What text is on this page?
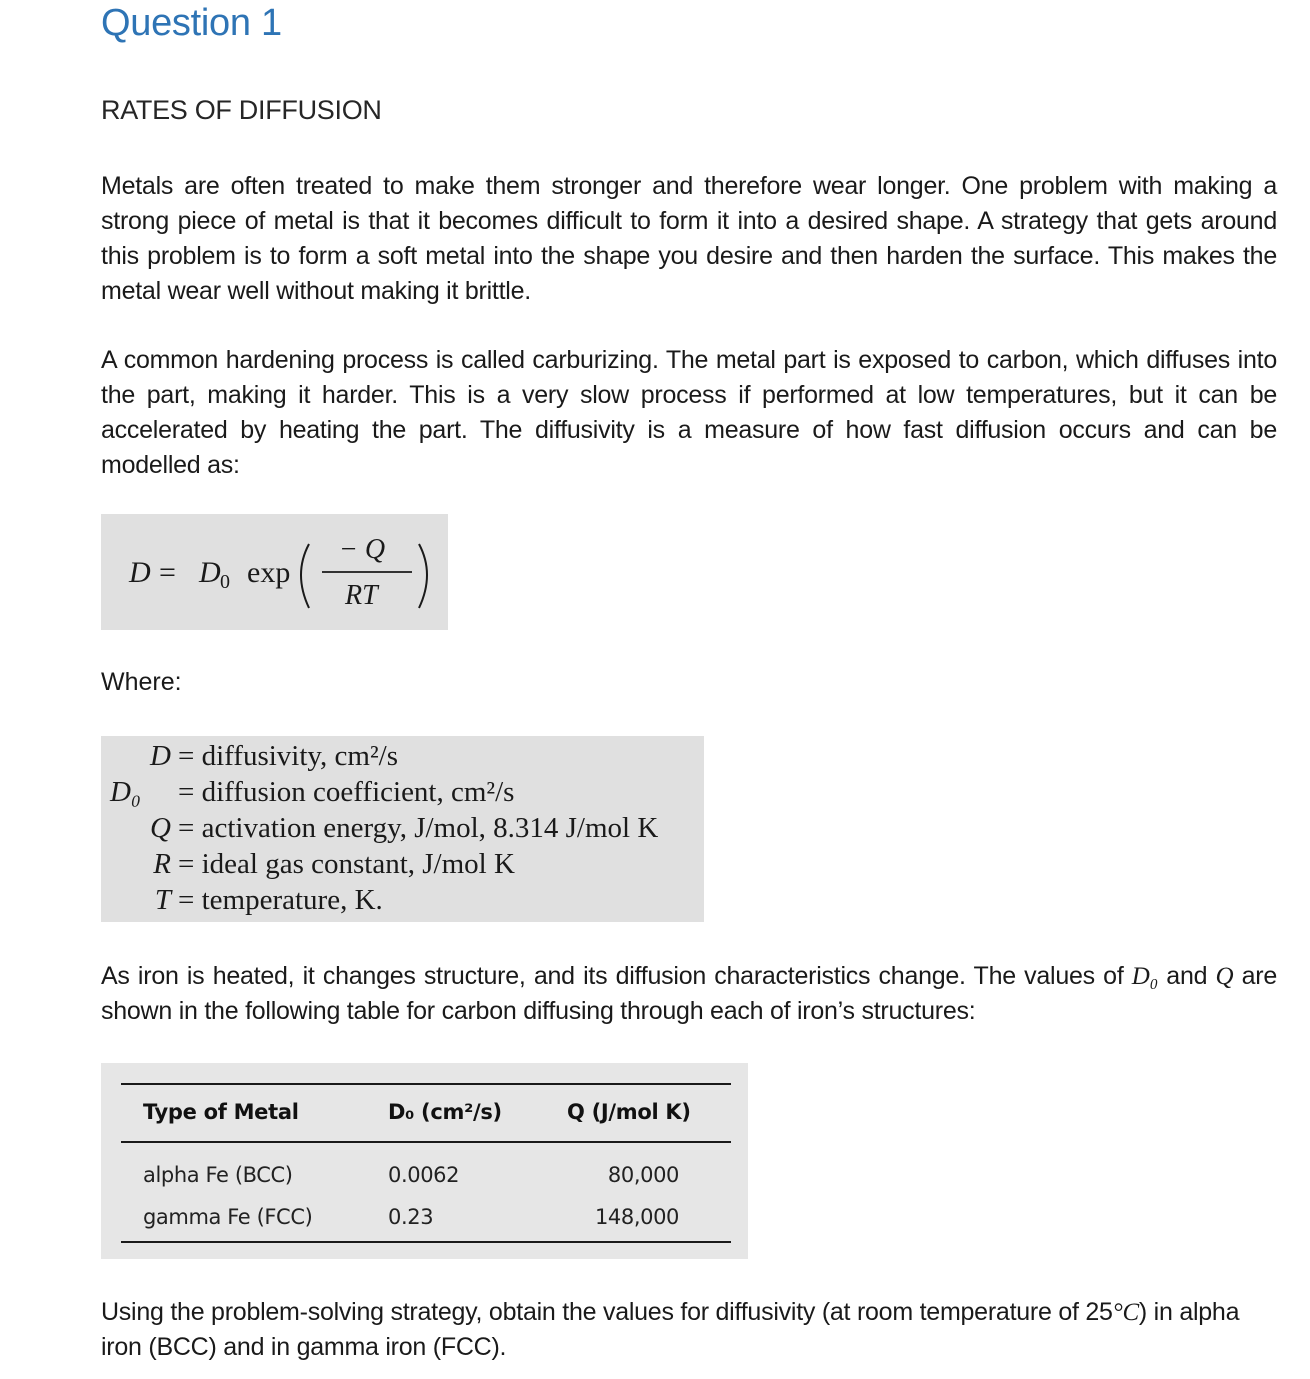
Question 1
RATES OF DIFFUSION

Metals are often treated to make them stronger and therefore wear longer. One problem with making a strong piece of metal is that it becomes difficult to form it into a desired shape. A strategy that gets around this problem is to form a soft metal into the shape you desire and then harden the surface. This makes the metal wear well without making it brittle.

A common hardening process is called carburizing. The metal part is exposed to carbon, which diffuses into the part, making it harder. This is a very slow process if performed at low temperatures, but it can be accelerated by heating the part. The diffusivity is a measure of how fast diffusion occurs and can be modelled as:

D = D 0 exp
− Q
RT

Where:

D = diffusivity, cm²/s
D₀ = diffusion coefficient, cm²/s
Q = activation energy, J/mol, 8.314 J/mol K
R = ideal gas constant, J/mol K
T = temperature, K.

As iron is heated, it changes structure, and its diffusion characteristics change. The values of D₀ and Q are shown in the following table for carbon diffusing through each of iron’s structures:

Type of Metal	D₀ (cm²/s)	Q (J/mol K)
alpha Fe (BCC)	0.0062	80,000
gamma Fe (FCC)	0.23	148,000

Using the problem-solving strategy, obtain the values for diffusivity (at room temperature of 25°C) in alpha iron (BCC) and in gamma iron (FCC).
